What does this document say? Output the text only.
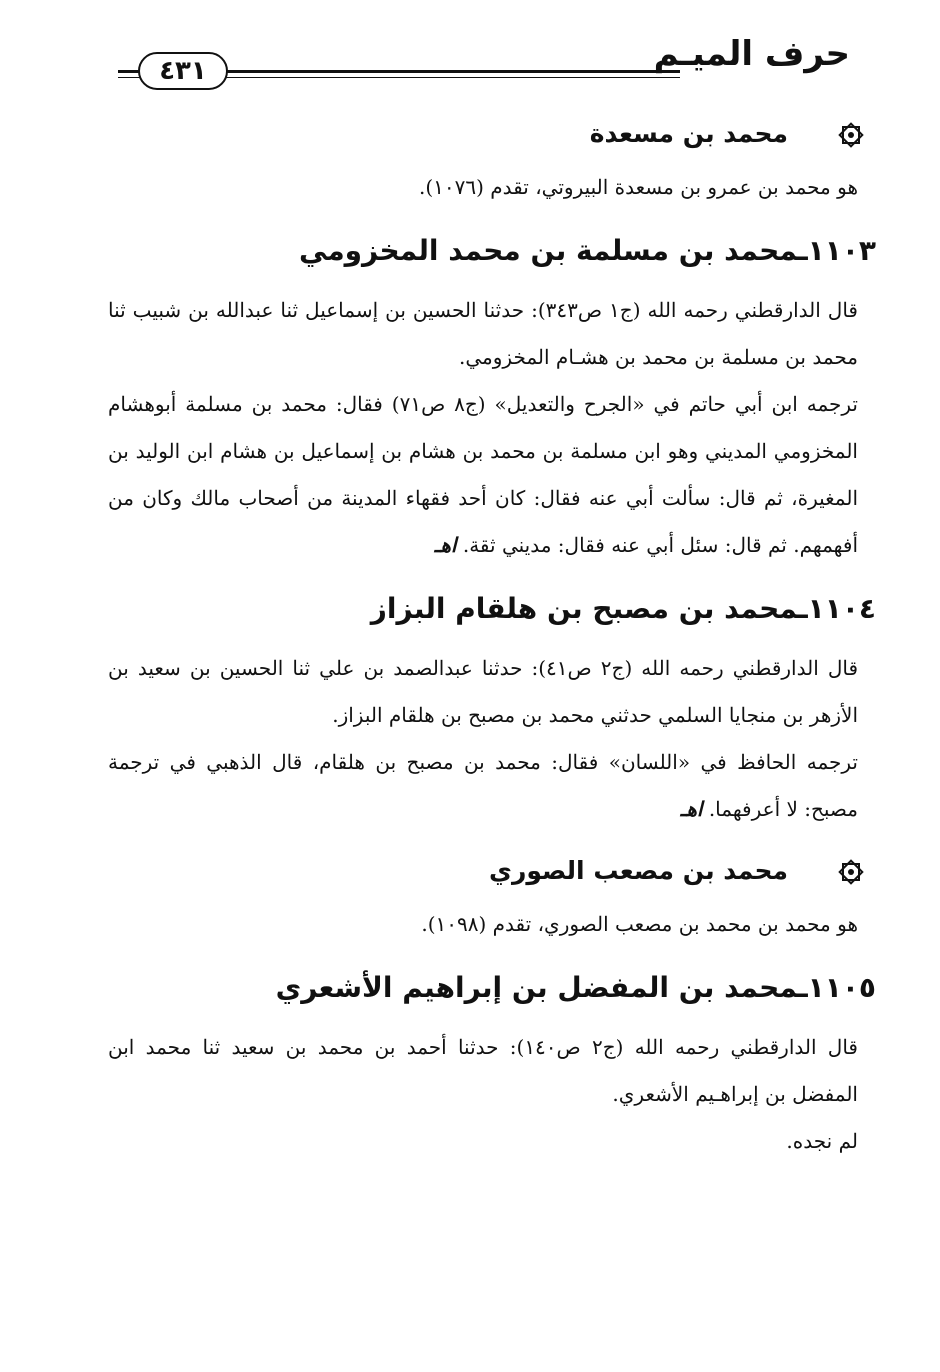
حرف الميـم
٤٣١
محمد بن مسعدة

هو محمد بن عمرو بن مسعدة البيروتي، تقدم (١٠٧٦).

١١٠٣ـمحمد بن مسلمة بن محمد المخزومي

قال الدارقطني رحمه الله (ج١ ص٣٤٣): حدثنا الحسين بن إسماعيل ثنا عبدالله بن شبيب ثنا محمد بن مسلمة بن محمد بن هشـام المخزومي.

ترجمه ابن أبي حاتم في «الجرح والتعديل» (ج٨ ص٧١) فقال: محمد بن مسلمة أبوهشام المخزومي المديني وهو ابن مسلمة بن محمد بن هشام بن إسماعيل بن هشام ابن الوليد بن المغيرة، ثم قال: سألت أبي عنه فقال: كان أحد فقهاء المدينة من أصحاب مالك وكان من أفهمهم. ثم قال: سئل أبي عنه فقال: مديني ثقة. اهـ

١١٠٤ـمحمد بن مصبح بن هلقام البزاز

قال الدارقطني رحمه الله (ج٢ ص٤١): حدثنا عبدالصمد بن علي ثنا الحسين بن سعيد بن الأزهر بن منجايا السلمي حدثني محمد بن مصبح بن هلقام البزاز.

ترجمه الحافظ في «اللسان» فقال: محمد بن مصبح بن هلقام، قال الذهبي في ترجمة مصبح: لا أعرفهما. اهـ

محمد بن مصعب الصوري

هو محمد بن محمد بن مصعب الصوري، تقدم (١٠٩٨).

١١٠٥ـمحمد بن المفضل بن إبراهيم الأشعري

قال الدارقطني رحمه الله (ج٢ ص١٤٠): حدثنا أحمد بن محمد بن سعيد ثنا محمد ابن المفضل بن إبراهـيم الأشعري.

لم نجده.
